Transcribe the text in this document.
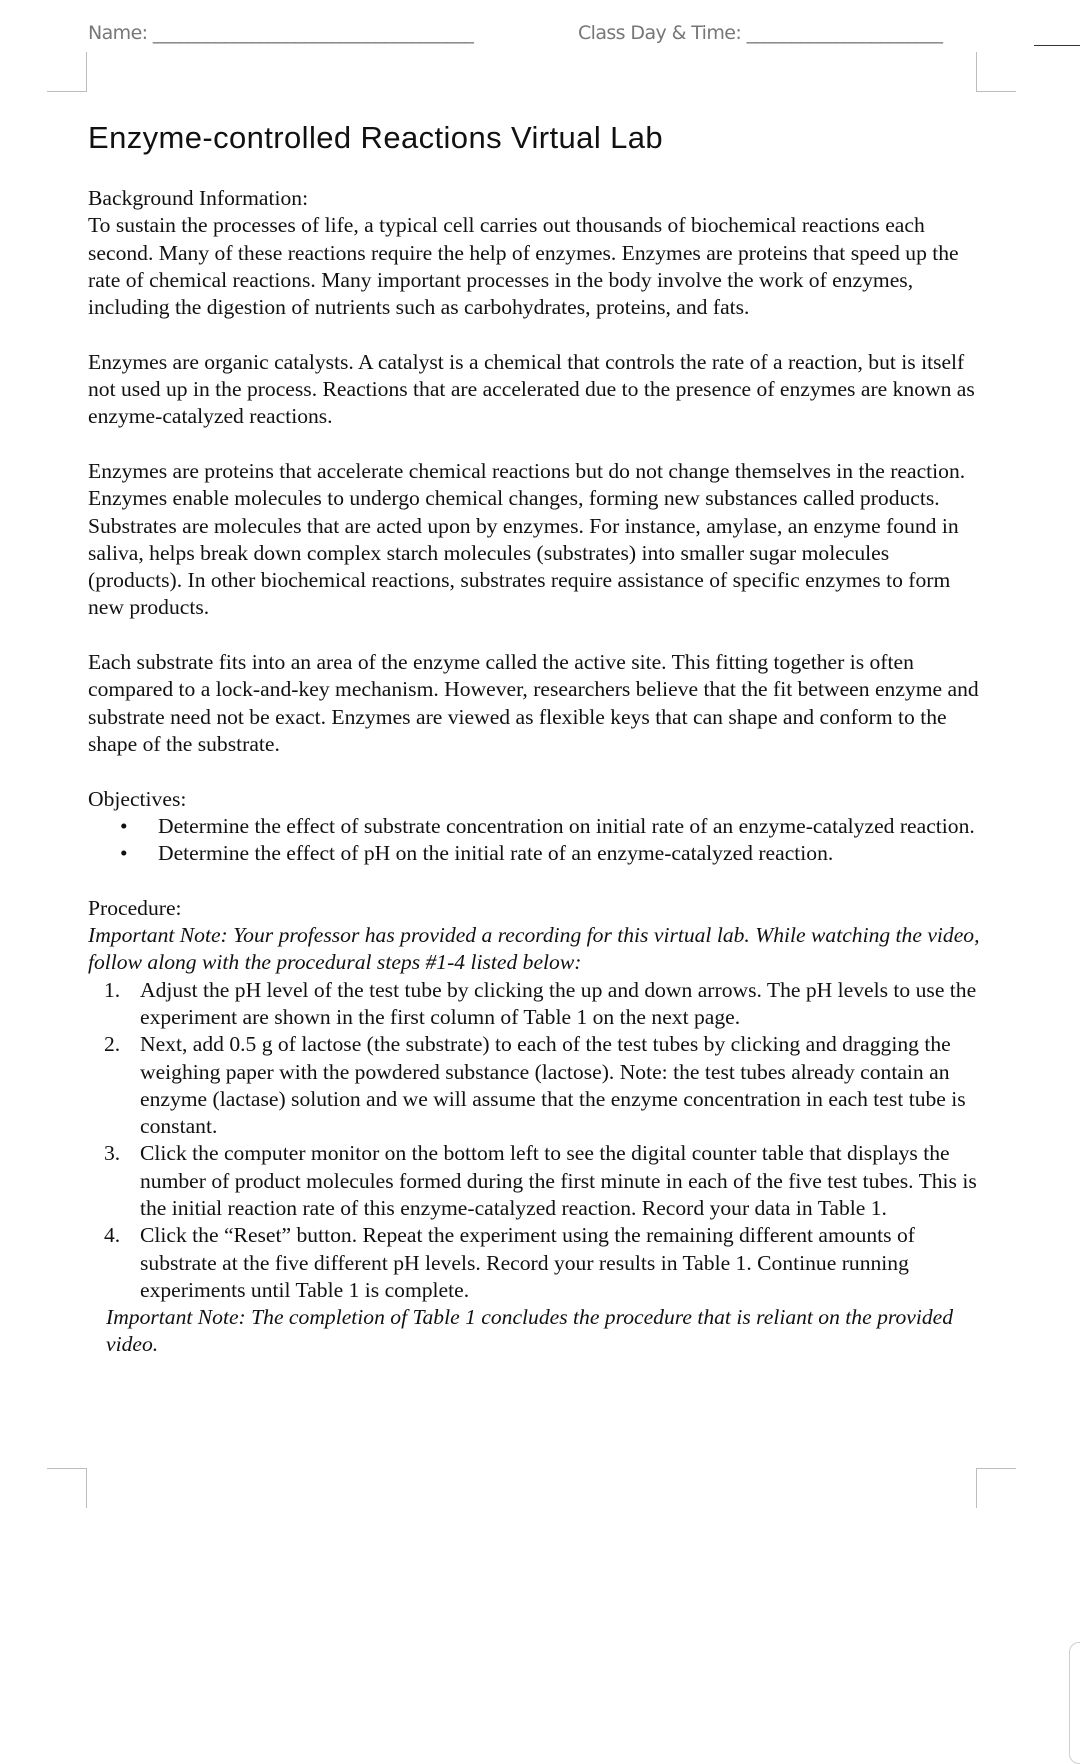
Name: ____________________________________	Class Day & Time: ______________________
Enzyme-controlled Reactions Virtual Lab

Background Information:

To sustain the processes of life, a typical cell carries out thousands of biochemical reactions each second. Many of these reactions require the help of enzymes. Enzymes are proteins that speed up the rate of chemical reactions. Many important processes in the body involve the work of enzymes, including the digestion of nutrients such as carbohydrates, proteins, and fats.

Enzymes are organic catalysts. A catalyst is a chemical that controls the rate of a reaction, but is itself not used up in the process. Reactions that are accelerated due to the presence of enzymes are known as enzyme-catalyzed reactions.

Enzymes are proteins that accelerate chemical reactions but do not change themselves in the reaction. Enzymes enable molecules to undergo chemical changes, forming new substances called products. Substrates are molecules that are acted upon by enzymes. For instance, amylase, an enzyme found in saliva, helps break down complex starch molecules (substrates) into smaller sugar molecules (products). In other biochemical reactions, substrates require assistance of specific enzymes to form new products.

Each substrate fits into an area of the enzyme called the active site. This fitting together is often compared to a lock-and-key mechanism. However, researchers believe that the fit between enzyme and substrate need not be exact. Enzymes are viewed as flexible keys that can shape and conform to the shape of the substrate.

Objectives:

• Determine the effect of substrate concentration on initial rate of an enzyme-catalyzed reaction.
• Determine the effect of pH on the initial rate of an enzyme-catalyzed reaction.

Procedure:

Important Note: Your professor has provided a recording for this virtual lab. While watching the video, follow along with the procedural steps #1-4 listed below:

1. Adjust the pH level of the test tube by clicking the up and down arrows. The pH levels to use the experiment are shown in the first column of Table 1 on the next page.
2. Next, add 0.5 g of lactose (the substrate) to each of the test tubes by clicking and dragging the weighing paper with the powdered substance (lactose). Note: the test tubes already contain an enzyme (lactase) solution and we will assume that the enzyme concentration in each test tube is constant.
3. Click the computer monitor on the bottom left to see the digital counter table that displays the number of product molecules formed during the first minute in each of the five test tubes. This is the initial reaction rate of this enzyme-catalyzed reaction. Record your data in Table 1.
4. Click the “Reset” button. Repeat the experiment using the remaining different amounts of substrate at the five different pH levels. Record your results in Table 1. Continue running experiments until Table 1 is complete.

Important Note: The completion of Table 1 concludes the procedure that is reliant on the provided video.
